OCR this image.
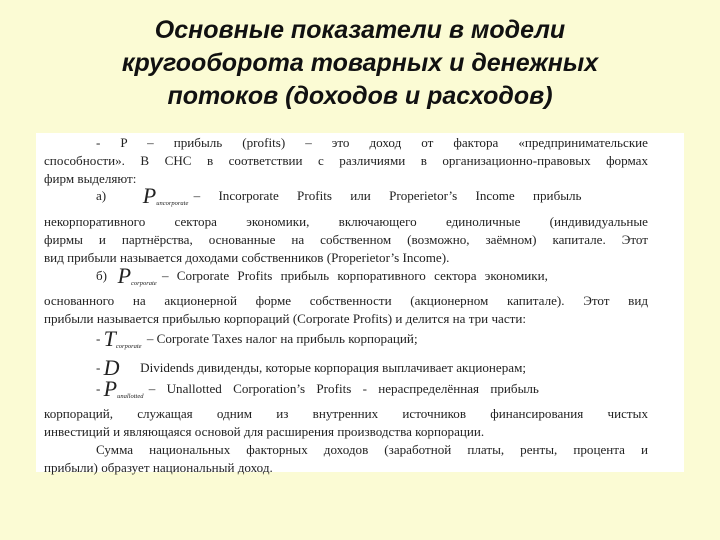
Основные показатели в модели
кругооборота товарных и денежных
потоков (доходов и расходов)
- P – прибыль (profits) – это доход от фактора «предпринимательские
способности». В СНС в соответствии с различиями в организационно-правовых формах
фирм выделяют:
а) $P_{uncorporate}$ – Incorporate Profits или Properietor’s Income прибыль
некорпоративного сектора экономики, включающего единоличные (индивидуальные
фирмы и партнёрства, основанные на собственном (возможно, заёмном) капитале. Этот
вид прибыли называется доходами собственников (Properietor’s Income).
б) $P_{corporate}$ – Corporate Profits прибыль корпоративного сектора экономики,
основанного на акционерной форме собственности (акционерном капитале). Этот вид
прибыли называется прибылью корпораций (Corporate Profits) и делится на три части:
- $T_{corporate}$ – Corporate Taxes налог на прибыль корпораций;
- D Dividends дивиденды, которые корпорация выплачивает акционерам;
- $P_{unallotted}$ – Unallotted Corporation’s Profits - нераспределённая прибыль
корпораций, служащая одним из внутренних источников финансирования чистых
инвестиций и являющаяся основой для расширения производства корпорации.
Сумма национальных факторных доходов (заработной платы, ренты, процента и
прибыли) образует национальный доход.
